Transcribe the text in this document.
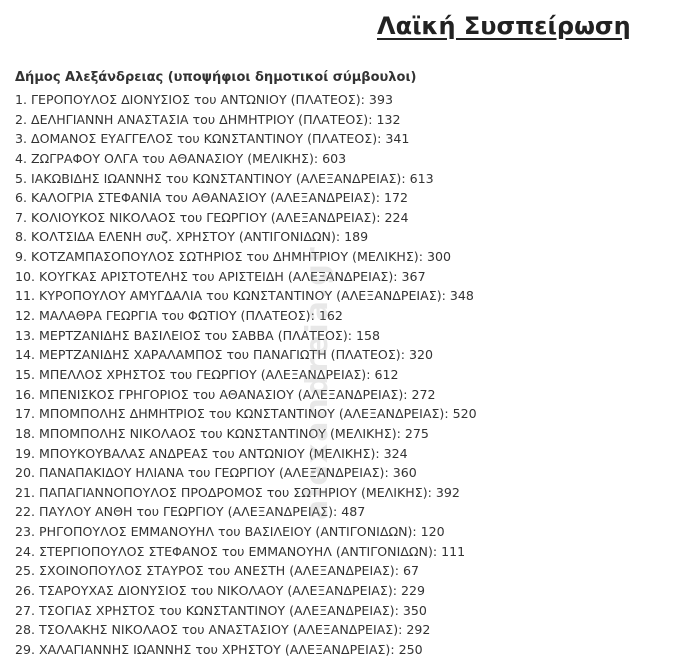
Λαϊκή Συσπείρωση

Δήμος Αλεξάνδρειας (υποψήφιοι δημοτικοί σύμβουλοι)

1. ΓΕΡΟΠΟΥΛΟΣ ΔΙΟΝΥΣΙΟΣ του ΑΝΤΩΝΙΟΥ (ΠΛΑΤΕΟΣ): 393
2. ΔΕΛΗΓΙΑΝΝΗ ΑΝΑΣΤΑΣΙΑ του ΔΗΜΗΤΡΙΟΥ (ΠΛΑΤΕΟΣ): 132
3. ΔΟΜΑΝΟΣ ΕΥΑΓΓΕΛΟΣ του ΚΩΝΣΤΑΝΤΙΝΟΥ (ΠΛΑΤΕΟΣ): 341
4. ΖΩΓΡΑΦΟΥ ΟΛΓΑ του ΑΘΑΝΑΣΙΟΥ (ΜΕΛΙΚΗΣ): 603
5. ΙΑΚΩΒΙΔΗΣ ΙΩΑΝΝΗΣ του ΚΩΝΣΤΑΝΤΙΝΟΥ (ΑΛΕΞΑΝΔΡΕΙΑΣ): 613
6. ΚΑΛΟΓΡΙΑ ΣΤΕΦΑΝΙΑ του ΑΘΑΝΑΣΙΟΥ (ΑΛΕΞΑΝΔΡΕΙΑΣ): 172
7. ΚΟΛΙΟΥΚΟΣ ΝΙΚΟΛΑΟΣ του ΓΕΩΡΓΙΟΥ (ΑΛΕΞΑΝΔΡΕΙΑΣ): 224
8. ΚΟΛΤΣΙΔΑ ΕΛΕΝΗ συζ. ΧΡΗΣΤΟΥ (ΑΝΤΙΓΟΝΙΔΩΝ): 189
9. ΚΟΤΖΑΜΠΑΣΟΠΟΥΛΟΣ ΣΩΤΗΡΙΟΣ του ΔΗΜΗΤΡΙΟΥ (ΜΕΛΙΚΗΣ): 300
10. ΚΟΥΓΚΑΣ ΑΡΙΣΤΟΤΕΛΗΣ του ΑΡΙΣΤΕΙΔΗ (ΑΛΕΞΑΝΔΡΕΙΑΣ): 367
11. ΚΥΡΟΠΟΥΛΟΥ ΑΜΥΓΔΑΛΙΑ του ΚΩΝΣΤΑΝΤΙΝΟΥ (ΑΛΕΞΑΝΔΡΕΙΑΣ): 348
12. ΜΑΛΑΘΡΑ ΓΕΩΡΓΙΑ του ΦΩΤΙΟΥ (ΠΛΑΤΕΟΣ): 162
13. ΜΕΡΤΖΑΝΙΔΗΣ ΒΑΣΙΛΕΙΟΣ του ΣΑΒΒΑ (ΠΛΑΤΕΟΣ): 158
14. ΜΕΡΤΖΑΝΙΔΗΣ ΧΑΡΑΛΑΜΠΟΣ του ΠΑΝΑΓΙΩΤΗ (ΠΛΑΤΕΟΣ): 320
15. ΜΠΕΛΛΟΣ ΧΡΗΣΤΟΣ του ΓΕΩΡΓΙΟΥ (ΑΛΕΞΑΝΔΡΕΙΑΣ): 612
16. ΜΠΕΝΙΣΚΟΣ ΓΡΗΓΟΡΙΟΣ του ΑΘΑΝΑΣΙΟΥ (ΑΛΕΞΑΝΔΡΕΙΑΣ): 272
17. ΜΠΟΜΠΟΛΗΣ ΔΗΜΗΤΡΙΟΣ του ΚΩΝΣΤΑΝΤΙΝΟΥ (ΑΛΕΞΑΝΔΡΕΙΑΣ): 520
18. ΜΠΟΜΠΟΛΗΣ ΝΙΚΟΛΑΟΣ του ΚΩΝΣΤΑΝΤΙΝΟΥ (ΜΕΛΙΚΗΣ): 275
19. ΜΠΟΥΚΟΥΒΑΛΑΣ ΑΝΔΡΕΑΣ του ΑΝΤΩΝΙΟΥ (ΜΕΛΙΚΗΣ): 324
20. ΠΑΝΑΠΑΚΙΔΟΥ ΗΛΙΑΝΑ του ΓΕΩΡΓΙΟΥ (ΑΛΕΞΑΝΔΡΕΙΑΣ): 360
21. ΠΑΠΑΓΙΑΝΝΟΠΟΥΛΟΣ ΠΡΟΔΡΟΜΟΣ του ΣΩΤΗΡΙΟΥ (ΜΕΛΙΚΗΣ): 392
22. ΠΑΥΛΟΥ ΑΝΘΗ του ΓΕΩΡΓΙΟΥ (ΑΛΕΞΑΝΔΡΕΙΑΣ): 487
23. ΡΗΓΟΠΟΥΛΟΣ ΕΜΜΑΝΟΥΗΛ του ΒΑΣΙΛΕΙΟΥ (ΑΝΤΙΓΟΝΙΔΩΝ): 120
24. ΣΤΕΡΓΙΟΠΟΥΛΟΣ ΣΤΕΦΑΝΟΣ του ΕΜΜΑΝΟΥΗΛ (ΑΝΤΙΓΟΝΙΔΩΝ): 111
25. ΣΧΟΙΝΟΠΟΥΛΟΣ ΣΤΑΥΡΟΣ του ΑΝΕΣΤΗ (ΑΛΕΞΑΝΔΡΕΙΑΣ): 67
26. ΤΣΑΡΟΥΧΑΣ ΔΙΟΝΥΣΙΟΣ του ΝΙΚΟΛΑΟΥ (ΑΛΕΞΑΝΔΡΕΙΑΣ): 229
27. ΤΣΟΓΙΑΣ ΧΡΗΣΤΟΣ του ΚΩΝΣΤΑΝΤΙΝΟΥ (ΑΛΕΞΑΝΔΡΕΙΑΣ): 350
28. ΤΣΟΛΑΚΗΣ ΝΙΚΟΛΑΟΣ του ΑΝΑΣΤΑΣΙΟΥ (ΑΛΕΞΑΝΔΡΕΙΑΣ): 292
29. ΧΑΛΑΓΙΑΝΝΗΣ ΙΩΑΝΝΗΣ του ΧΡΗΣΤΟΥ (ΑΛΕΞΑΝΔΡΕΙΑΣ): 250
alexandreia.gr
